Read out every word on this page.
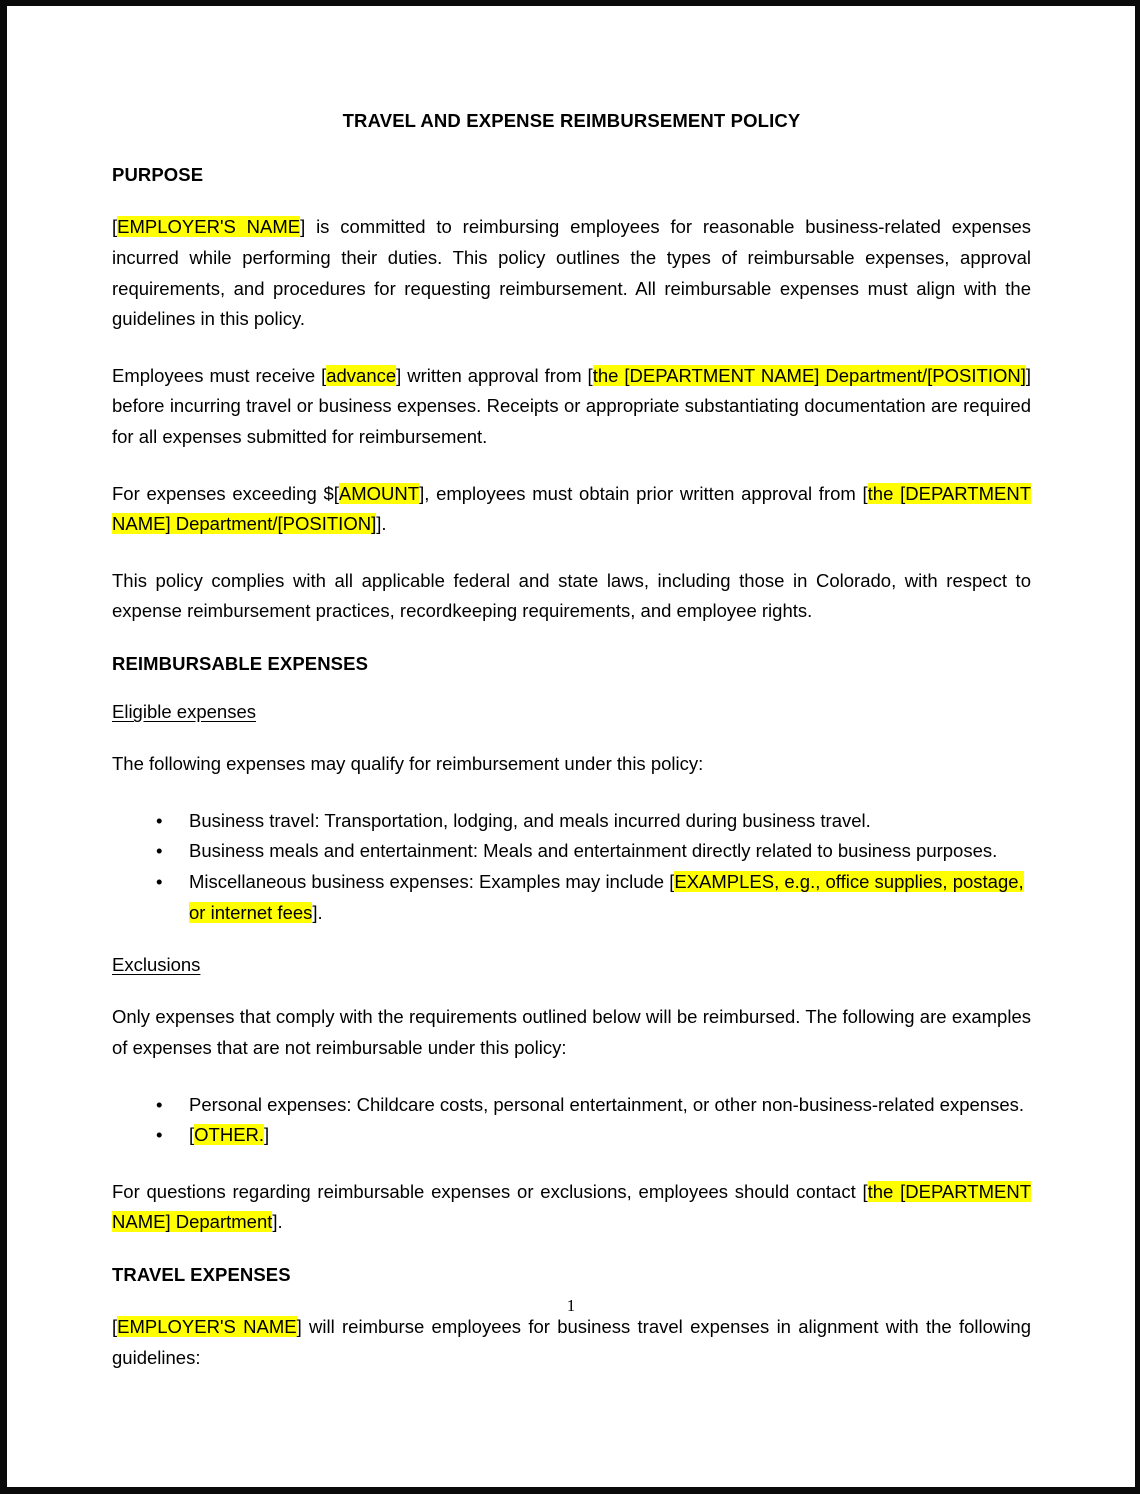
TRAVEL AND EXPENSE REIMBURSEMENT POLICY
PURPOSE

[EMPLOYER'S NAME] is committed to reimbursing employees for reasonable business-related expenses incurred while performing their duties. This policy outlines the types of reimbursable expenses, approval requirements, and procedures for requesting reimbursement. All reimbursable expenses must align with the guidelines in this policy.

Employees must receive [advance] written approval from [the [DEPARTMENT NAME] Department/[POSITION]] before incurring travel or business expenses. Receipts or appropriate substantiating documentation are required for all expenses submitted for reimbursement.

For expenses exceeding $[AMOUNT], employees must obtain prior written approval from [the [DEPARTMENT NAME] Department/[POSITION]].

This policy complies with all applicable federal and state laws, including those in Colorado, with respect to expense reimbursement practices, recordkeeping requirements, and employee rights.

REIMBURSABLE EXPENSES
Eligible expenses

The following expenses may qualify for reimbursement under this policy:

• Business travel: Transportation, lodging, and meals incurred during business travel.
• Business meals and entertainment: Meals and entertainment directly related to business purposes.
• Miscellaneous business expenses: Examples may include [EXAMPLES, e.g., office supplies, postage, or internet fees].
Exclusions

Only expenses that comply with the requirements outlined below will be reimbursed. The following are examples of expenses that are not reimbursable under this policy:

• Personal expenses: Childcare costs, personal entertainment, or other non-business-related expenses.
• [OTHER.]

For questions regarding reimbursable expenses or exclusions, employees should contact [the [DEPARTMENT NAME] Department].

TRAVEL EXPENSES

[EMPLOYER'S NAME] will reimburse employees for business travel expenses in alignment with the following guidelines:

1
